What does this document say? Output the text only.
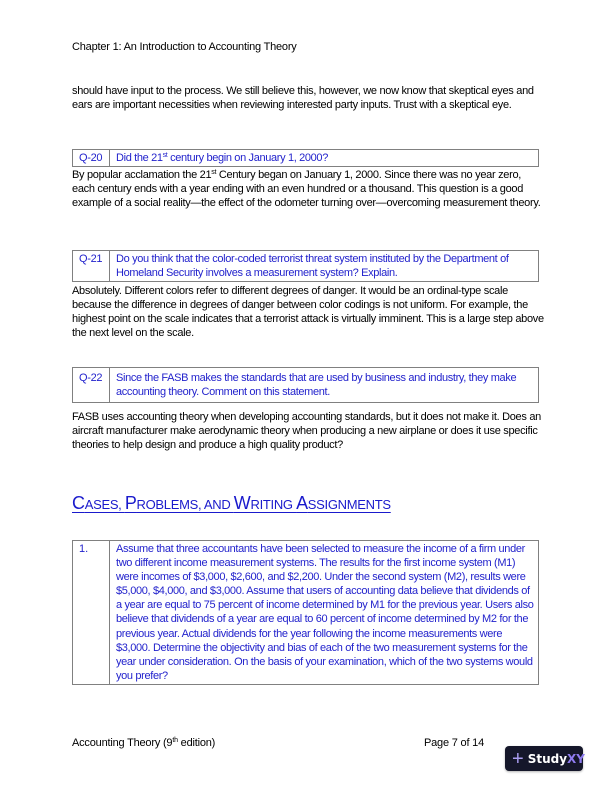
Chapter 1: An Introduction to Accounting Theory

should have input to the process. We still believe this, however, we now know that skeptical eyes and ears are important necessities when reviewing interested party inputs. Trust with a skeptical eye.

Q-20	Did the 21st century begin on January 1, 2000?

By popular acclamation the 21st Century began on January 1, 2000. Since there was no year zero, each century ends with a year ending with an even hundred or a thousand. This question is a good example of a social reality—the effect of the odometer turning over—overcoming measurement theory.

Q-21	Do you think that the color-coded terrorist threat system instituted by the Department of Homeland Security involves a measurement system? Explain.

Absolutely. Different colors refer to different degrees of danger. It would be an ordinal-type scale because the difference in degrees of danger between color codings is not uniform. For example, the highest point on the scale indicates that a terrorist attack is virtually imminent. This is a large step above the next level on the scale.

Q-22	Since the FASB makes the standards that are used by business and industry, they make accounting theory. Comment on this statement.

FASB uses accounting theory when developing accounting standards, but it does not make it. Does an aircraft manufacturer make aerodynamic theory when producing a new airplane or does it use specific theories to help design and produce a high quality product?

CASES, PROBLEMS, AND WRITING ASSIGNMENTS
1.	Assume that three accountants have been selected to measure the income of a firm under two different income measurement systems. The results for the first income system (M1) were incomes of $3,000, $2,600, and $2,200. Under the second system (M2), results were $5,000, $4,000, and $3,000. Assume that users of accounting data believe that dividends of a year are equal to 75 percent of income determined by M1 for the previous year. Users also believe that dividends of a year are equal to 60 percent of income determined by M2 for the previous year. Actual dividends for the year following the income measurements were $3,000. Determine the objectivity and bias of each of the two measurement systems for the year under consideration. On the basis of your examination, which of the two systems would you prefer?
Accounting Theory (9th edition)	Page 7 of 14
+ StudyXY
